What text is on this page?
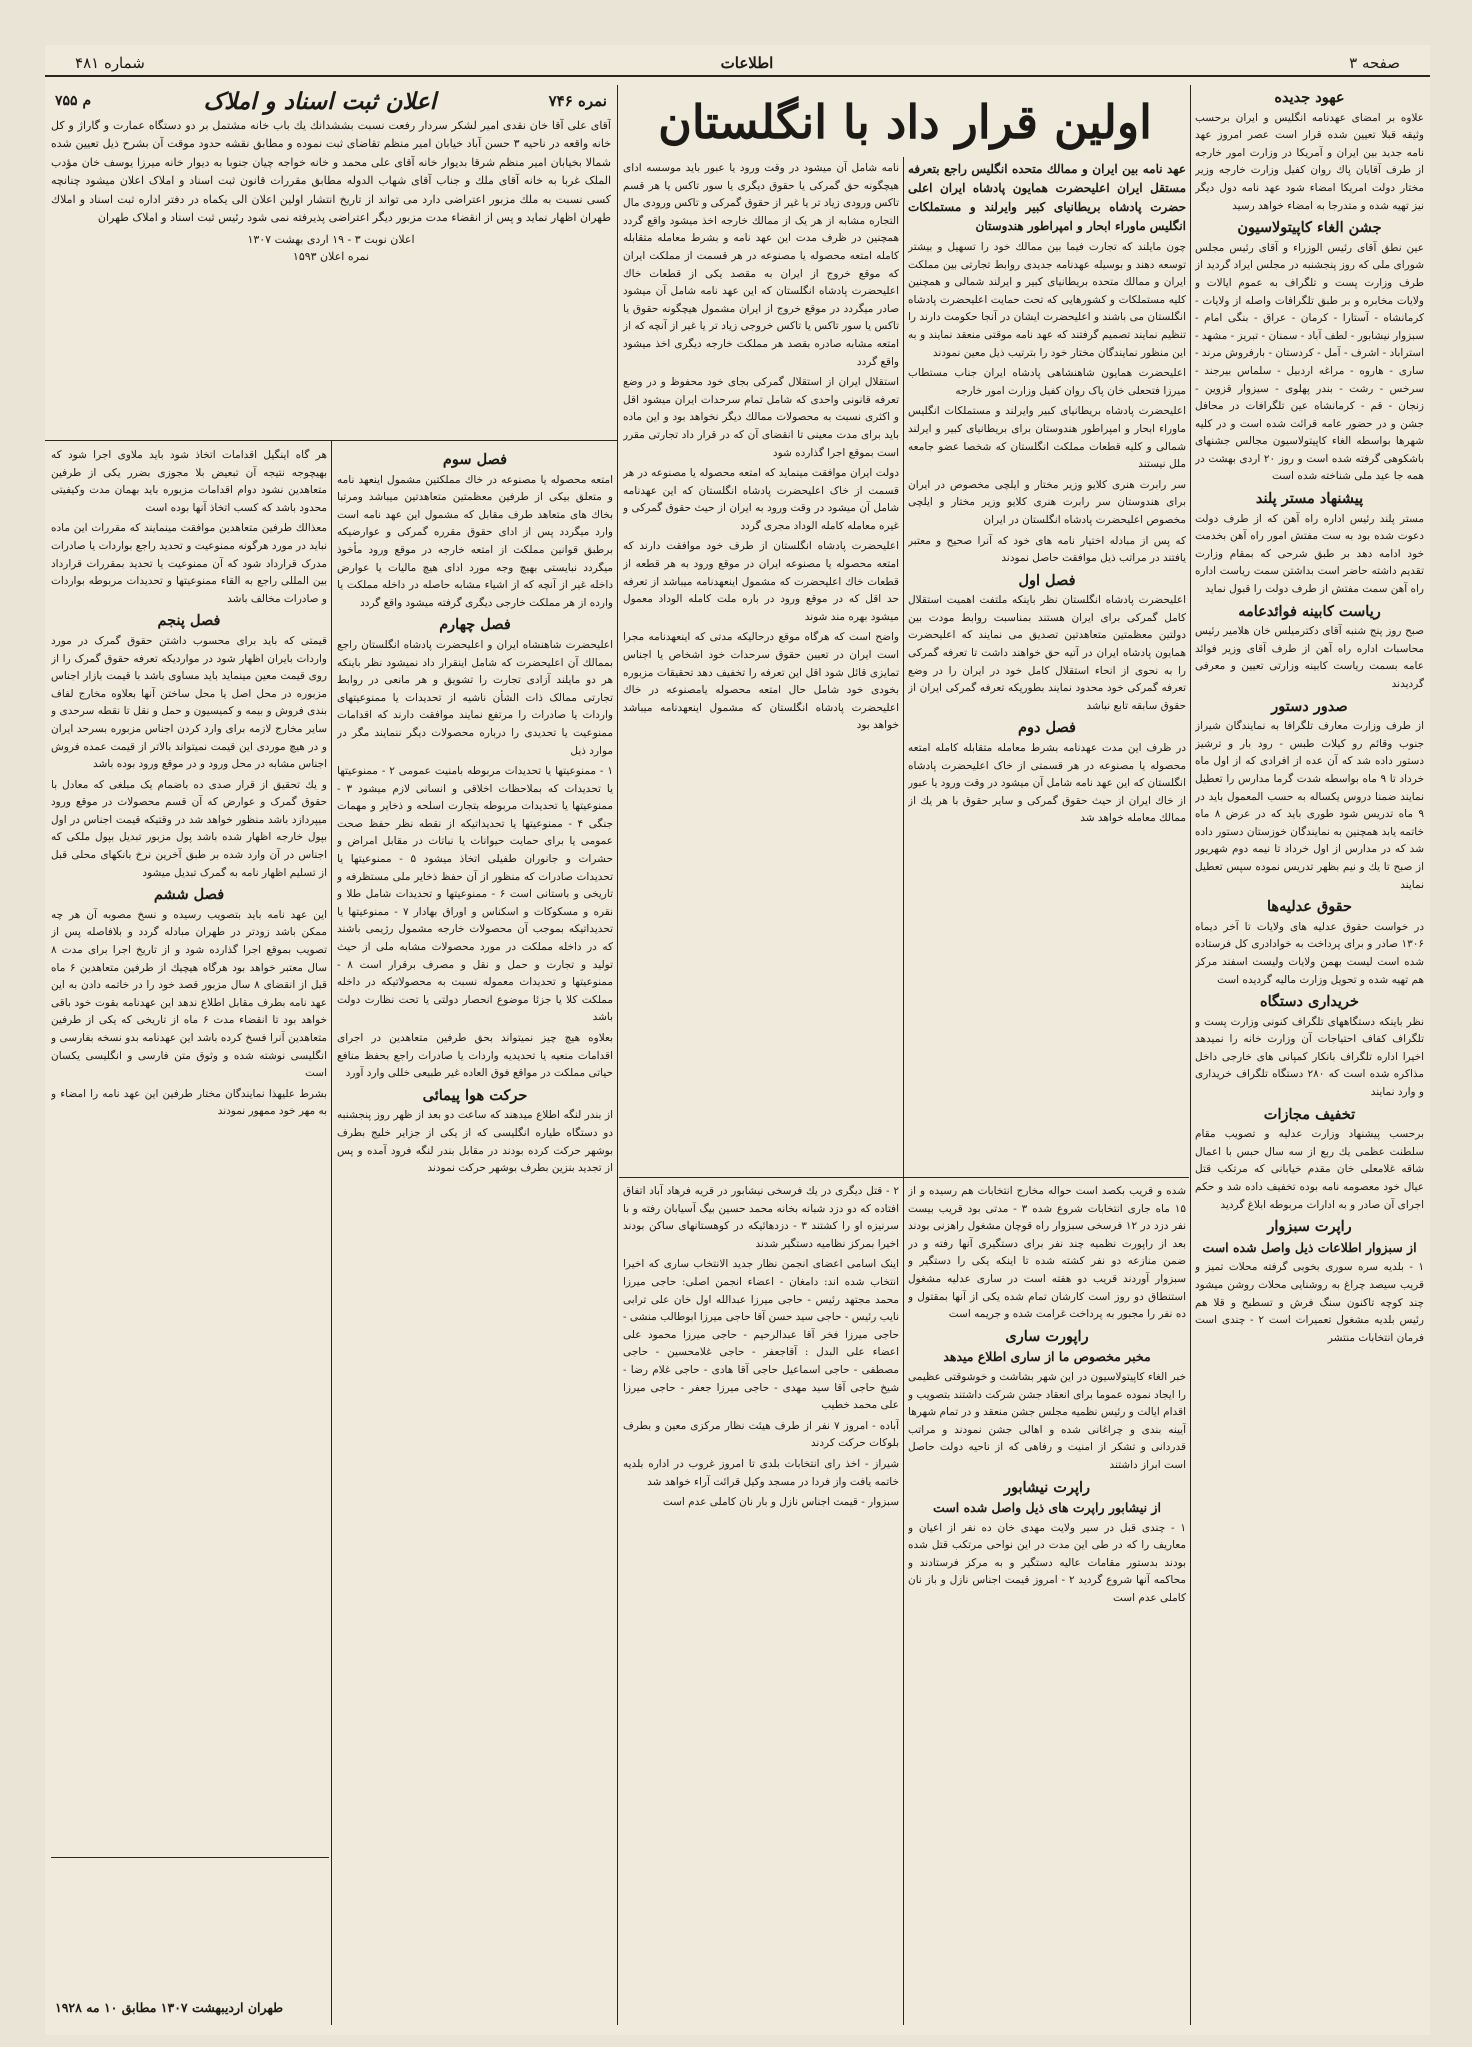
صفحه ۳
اطلاعات
شماره ۴۸۱
عهود جدیده

علاوه بر امضای عهدنامه انگلیس و ایران برحسب وثیقه قبلا تعیین شده قرار است عصر امروز عهد نامه جدید بین ایران و آمریکا در وزارت امور خارجه از طرف آقایان پاك روان کفیل وزارت خارجه وزیر مختار دولت امریکا امضاء شود عهد نامه دول دیگر نیز تهیه شده و متدرجا به امضاء خواهد رسید

جشن الغاء کاپیتولاسیون

عین نطق آقای رئیس الوزراء و آقای رئیس مجلس شورای ملی که روز پنجشنبه در مجلس ایراد گردید از طرف وزارت پست و تلگراف به عموم ایالات و ولایات مخابره و بر طبق تلگرافات واصله از ولایات - کرمانشاه - آستارا - کرمان - عراق - بنگی امام - سبزوار نیشابور - لطف آباد - سمنان - تبریز - مشهد - استراباد - اشرف - آمل - کردستان - بارفروش مرند - ساری - هاروه - مراغه اردبیل - سلماس بیرجند - سرخس - رشت - بندر پهلوی - سیزوار قزوین - زنجان - قم - کرمانشاه عین تلگرافات در محافل جشن و در حضور عامه قرائت شده است و در کلیه شهرها بواسطه الغاء کاپیتولاسیون مجالس جشنهای باشکوهی گرفته شده است و روز ۲۰ اردی بهشت در همه جا عید ملی شناخته شده است

پیشنهاد مستر پلند

مستر پلند رئیس اداره راه آهن که از طرف دولت دعوت شده بود به ست مفتش امور راه آهن بخدمت خود ادامه دهد بر طبق شرحی که بمقام وزارت تقدیم داشته حاضر است بداشتن سمت ریاست اداره راه آهن سمت مفتش از طرف دولت را قبول نماید

ریاست کابینه فوائدعامه

صبح روز پنج شنبه آقای دکترمیلس خان هلامیر رئیس محاسبات اداره راه آهن از طرف آقای وزیر فوائد عامه بسمت ریاست کابینه وزارتی تعیین و معرفی گردیدند

صدور دستور

از طرف وزارت معارف تلگرافا به نمایندگان شیراز جنوب وقائم رو کیلات طبس - رود بار و ترشیز دستور داده شد که آن عده از افرادی که از اول ماه خرداد تا ۹ ماه بواسطه شدت گرما مدارس را تعطیل نمایند ضمنا دروس یکساله به حسب المعمول باید در ۹ ماه تدریس شود طوری باید که در عرض ۸ ماه خاتمه یابد همچنین به نمایندگان خوزستان دستور داده شد که در مدارس از اول خرداد تا نیمه دوم شهریور از صبح تا یك و نیم بظهر تدریس نموده سپس تعطیل نمایند

حقوق عدلیه‌ها

در خواست حقوق عدلیه های ولایات تا آخر دیماه ۱۳۰۶ صادر و برای پرداخت به خوادادری کل فرستاده شده است لیست بهمن ولایات ولیست اسفند مرکز هم تهیه شده و تحویل وزارت مالیه گردیده است

خریداری دستگاه

نظر باینکه دستگاههای تلگراف کنونی وزارت پست و تلگراف کفاف احتیاجات آن وزارت خانه را نمیدهد اخیرا اداره تلگراف بانکار کمپانی های خارجی داخل مذاکره شده است که ۲۸۰ دستگاه تلگراف خریداری و وارد نمایند

تخفیف مجازات

برحسب پیشنهاد وزارت عدلیه و تصویب مقام سلطنت عظمی یك ربع از سه سال حبس با اعمال شاقه غلامعلی خان مقدم خیابانی که مرتکب قتل عیال خود معصومه نامه بوده تخفیف داده شد و حکم اجرای آن صادر و به ادارات مربوطه ابلاغ گردید

راپرت سبزوار
از سبزوار اطلاعات ذیل واصل شده است

۱ - بلدیه سره سوری بخوبی گرفته محلات تمیز و قریب سیصد چراغ به روشنایی محلات روشن میشود چند کوچه تاکنون سنگ فرش و تسطیح و قلا هم رئیس بلدیه مشغول تعمیرات است ۲ - چندی است فرمان انتخابات منتشر

اولین قرار داد با انگلستان

عهد نامه بین ایران و ممالك متحده انگلیس راجع بتعرفه مستقل ایران اعلیحضرت همایون پادشاه ایران اعلی حضرت پادشاه بریطانیای کبیر وایرلند و مستملکات انگلیس ماوراء ابحار و امپراطور هندوستان

چون مایلند که تجارت فیما بین ممالك خود را تسهیل و بیشتر توسعه دهند و بوسیله عهدنامه جدیدی روابط تجارتی بین مملکت ایران و ممالك متحده بریطانیای کبیر و ایرلند شمالی و همچنین کلیه مستملکات و کشورهایی که تحت حمایت اعلیحضرت پادشاه انگلستان می باشند و اعلیحضرت ایشان در آنجا حکومت دارند را تنظیم نمایند تصمیم گرفتند که عهد نامه موقتی منعقد نمایند و به این منظور نمایندگان مختار خود را بترتیب ذیل معین نمودند

اعلیحضرت همایون شاهنشاهی پادشاه ایران جناب مستطاب میرزا فتحعلی خان پاک روان کفیل وزارت امور خارجه

اعلیحضرت پادشاه بریطانیای کبیر وایرلند و مستملکات انگلیس ماوراء ابحار و امپراطور هندوستان برای بریطانیای کبیر و ایرلند شمالی و کلیه قطعات مملکت انگلستان که شخصا عضو جامعه ملل نیستند

سر رابرت هنری کلایو وزیر مختار و ایلچی مخصوص در ایران برای هندوستان سر رابرت هنری کلایو وزیر مختار و ایلچی مخصوص اعلیحضرت پادشاه انگلستان در ایران

که پس از مبادله اختیار نامه های خود که آنرا صحیح و معتبر یافتند در مراتب ذیل موافقت حاصل نمودند

فصل اول

اعلیحضرت پادشاه انگلستان نظر باینکه ملتفت اهمیت استقلال کامل گمرکی برای ایران هستند بمناسبت روابط مودت بین دولتین معظمتین متعاهدتین تصدیق می نمایند که اعلیحضرت همایون پادشاه ایران در آتیه حق خواهند داشت تا تعرفه گمرکی را به نحوی از انحاء استقلال کامل خود در ایران را در وضع تعرفه گمرکی خود محدود نمایند بطوریکه تعرفه گمرکی ایران از حقوق سابقه تابع نباشد

فصل دوم

در ظرف این مدت عهدنامه بشرط معامله متقابله کامله امتعه محصوله یا مصنوعه در هر قسمتی از خاک اعلیحضرت پادشاه انگلستان که این عهد نامه شامل آن میشود در وقت ورود یا عبور از خاك ایران از حیث حقوق گمرکی و سایر حقوق با هر یك از ممالك معامله خواهد شد

نامه شامل آن میشود در وقت ورود یا عبور باید موسسه ادای هیچگونه حق گمرکی یا حقوق دیگری یا سور تاکس یا هر قسم تاکس ورودی زیاد تر یا غیر از حقوق گمرکی و تاکس ورودی مال التجاره مشابه از هر یک از ممالك خارجه اخذ میشود واقع گردد همچنین در ظرف مدت این عهد نامه و بشرط معامله متقابله کامله امتعه محصوله یا مصنوعه در هر قسمت از مملکت ایران که موقع خروج از ایران به مقصد یکی از قطعات خاك اعلیحضرت پادشاه انگلستان که این عهد نامه شامل آن میشود صادر میگردد در موقع خروج از ایران مشمول هیچگونه حقوق یا تاکس یا سور تاکس یا تاکس خروجی زیاد تر یا غیر از آنچه که از امتعه مشابه صادره بقصد هر مملکت خارجه دیگری اخذ میشود واقع گردد

استقلال ایران از استقلال گمرکی بجای خود محفوظ و در وضع تعرفه قانونی واحدی که شامل تمام سرحدات ایران میشود اقل و اکثری نسبت به محصولات ممالك دیگر نخواهد بود و این ماده باید برای مدت معینی تا انقضای آن که در قرار داد تجارتی مقرر است بموقع اجرا گذارده شود

دولت ایران موافقت مینماید که امتعه محصوله یا مصنوعه در هر قسمت از خاک اعلیحضرت پادشاه انگلستان که این عهدنامه شامل آن میشود در وقت ورود به ایران از حیث حقوق گمرکی و غیره معامله کامله الوداد مجری گردد

اعلیحضرت پادشاه انگلستان از طرف خود موافقت دارند که امتعه محصوله یا مصنوعه ایران در موقع ورود به هر قطعه از قطعات خاك اعلیحضرت که مشمول اینعهدنامه میباشد از تعرفه حد اقل که در موقع ورود در باره ملت کامله الوداد معمول میشود بهره مند شوند

واضح است که هرگاه موقع درحالیکه مدتی که اینعهدنامه مجرا است ایران در تعیین حقوق سرحدات خود اشخاص یا اجناس تمایزی قائل شود اقل این تعرفه را تخفیف دهد تحقیقات مزبوره بخودی خود شامل حال امتعه محصوله یامصنوعه در خاك اعلیحضرت پادشاه انگلستان که مشمول اینعهدنامه میباشد خواهد بود

شده و قریب بکصد است حواله مخارج انتخابات هم رسیده و از ۱۵ ماه جاری انتخابات شروع شده ۳ - مدتی بود قریب بیست نفر دزد در ۱۲ فرسخی سبزوار راه قوچان مشغول راهزنی بودند بعد از راپورت نظمیه چند نفر برای دستگیری آنها رفته و در ضمن منازعه دو نفر کشته شده تا اینکه یکی را دستگیر و سبزوار آوردند قریب دو هفته است در ساری عدلیه مشغول استنطاق دو روز است کارشان تمام شده یکی از آنها بمقتول و ده نفر را مجبور به پرداخت غرامت شده و جریمه است

راپورت ساری
مخبر مخصوص ما از ساری اطلاع میدهد

خبر الغاء کاپیتولاسیون در این شهر بشاشت و خوشوقتی عظیمی را ایجاد نموده عموما برای انعقاد جشن شرکت داشتند بتصویب و اقدام ایالت و رئیس نظمیه مجلس جشن منعقد و در تمام شهرها آیینه بندی و چراغانی شده و اهالی جشن نمودند و مراتب قدردانی و تشکر از امنیت و رفاهی که از ناحیه دولت حاصل است ابراز داشتند

راپرت نیشابور
از نیشابور راپرت های ذیل واصل شده است

۱ - چندی قبل در سیر ولایت مهدی خان ده نفر از اعیان و معاریف را که در طی این مدت در این نواحی مرتکب قتل شده بودند بدستور مقامات عالیه دستگیر و به مرکز فرستادند و محاکمه آنها شروع گردید ۲ - امروز قیمت اجناس نازل و باز نان کاملی عدم است

۲ - قتل دیگری در یك فرسخی نیشابور در قریه فرهاد آباد اتفاق افتاده که دو دزد شبانه بخانه محمد حسین بیگ آسیابان رفته و با سرنیزه او را کشتند ۳ - دزدهائیکه در کوهستانهای ساکن بودند اخیرا بمرکز نظامیه دستگیر شدند

اینک اسامی اعضای انجمن نظار جدید الانتخاب ساری که اخیرا انتخاب شده اند: دامغان - اعضاء انجمن اصلی: حاجی میرزا محمد مجتهد رئیس - حاجی میرزا عبدالله اول خان علی ترابی نایب رئیس - حاجی سید حسن آقا حاجی میرزا ابوطالب منشی - حاجی میرزا فخر آقا عبدالرحیم - حاجی میرزا محمود علی اعضاء علی البدل : آقاجعفر - حاجی غلامحسین - حاجی مصطفی - حاجی اسماعیل حاجی آقا هادی - حاجی غلام رضا - شیخ حاجی آقا سید مهدی - حاجی میرزا جعفر - حاجی میرزا علی محمد خطیب

آباده - امروز ۷ نفر از طرف هیئت نظار مرکزی معین و بطرف بلوکات حرکت کردند

شیراز - اخذ رای انتخابات بلدی تا امروز غروب در اداره بلدیه خاتمه یافت واز فردا در مسجد وکیل قرائت آراء خواهد شد

سبزوار - قیمت اجناس نازل و بار نان کاملی عدم است

نمره ۷۴۶
اعلان ثبت اسناد و املاک
م ۷۵۵

آقای علی آقا خان نقدی امیر لشکر سردار رفعت نسبت بششدانك یك باب خانه مشتمل بر دو دستگاه عمارت و گاراژ و کل خانه واقعه در ناحیه ۳ حسن آباد خیابان امیر منظم تقاضای ثبت نموده و مطابق نقشه حدود موقت آن بشرح ذیل تعیین شده شمالا بخیابان امیر منظم شرقا بدیوار خانه آقای علی محمد و خانه خواجه چیان جنوبا به دیوار خانه میرزا یوسف خان مؤدب الملک غربا به خانه آقای ملك و جناب آقای شهاب الدوله مطابق مقررات قانون ثبت اسناد و املاک اعلان میشود چنانچه کسی نسبت به ملك مزبور اعتراضی دارد می تواند از تاریخ انتشار اولین اعلان الی یکماه در دفتر اداره ثبت اسناد و املاك طهران اظهار نماید و پس از انقضاء مدت مزبور دیگر اعتراضی پذیرفته نمی شود رئیس ثبت اسناد و املاک طهران

اعلان نوبت ۳ - ۱۹ اردی بهشت ۱۳۰۷
نمره اعلان ۱۵۹۳
فصل سوم

امتعه محصوله یا مصنوعه در خاك مملکتین مشمول اینعهد نامه و متعلق بیکی از طرفین معظمتین متعاهدتین میباشد ومرتبا بخاك های متعاهد طرف مقابل که مشمول این عهد نامه است وارد میگردد پس از ادای حقوق مقرره گمرکی و عوارضیکه برطبق قوانین مملکت از امتعه خارجه در موقع ورود مأخوذ میگردد نبایستی بهیچ وجه مورد ادای هیچ مالیات یا عوارض داخله غیر از آنچه که از اشیاء مشابه حاصله در داخله مملکت یا وارده از هر مملکت خارجی دیگری گرفته میشود واقع گردد

فصل چهارم

اعلیحضرت شاهنشاه ایران و اعلیحضرت پادشاه انگلستان راجع بممالك آن اعلیحضرت که شامل اینقرار داد نمیشود نظر باینکه هر دو مایلند آزادی تجارت را تشویق و هر مانعی در روابط تجارتی ممالک ذات الشأن ناشیه از تحدیدات یا ممنوعیتهای واردات یا صادرات را مرتفع نمایند موافقت دارند که اقدامات ممنوعیت یا تحدیدی را درباره محصولات دیگر ننمایند مگر در موارد ذیل

۱ - ممنوعیتها یا تحدیدات مربوطه بامنیت عمومی ۲ - ممنوعیتها یا تحدیدات که بملاحظات اخلاقی و انسانی لازم میشود ۳ - ممنوعیتها یا تحدیدات مربوطه بتجارت اسلحه و ذخایر و مهمات جنگی ۴ - ممنوعیتها یا تحدیداتیکه از نقطه نظر حفظ صحت عمومی یا برای حمایت حیوانات یا نباتات در مقابل امراض و حشرات و جانوران طفیلی اتخاذ میشود ۵ - ممنوعیتها یا تحدیدات صادرات که منظور از آن حفظ ذخایر ملی مستظرفه و تاریخی و باستانی است ۶ - ممنوعیتها و تحدیدات شامل طلا و نقره و مسکوکات و اسکناس و اوراق بهادار ۷ - ممنوعیتها یا تحدیداتیکه بموجب آن محصولات خارجه مشمول رژیمی باشند که در داخله مملکت در مورد محصولات مشابه ملی از حیث تولید و تجارت و حمل و نقل و مصرف برقرار است ۸ - ممنوعیتها و تحدیدات معموله نسبت به محصولاتیکه در داخله مملکت کلا یا جزئا موضوع انحصار دولتی یا تحت نظارت دولت باشد

بعلاوه هیچ چیز نمیتواند بحق طرفین متعاهدین در اجرای اقدامات منعیه یا تحدیدیه واردات یا صادرات راجع بحفظ منافع حیاتی مملکت در مواقع فوق العاده غیر طبیعی خللی وارد آورد

حرکت هوا پیمائی

از بندر لنگه اطلاع میدهند که ساعت دو بعد از ظهر روز پنجشنبه دو دستگاه طیاره انگلیسی که از یکی از جزایر خلیج بطرف بوشهر حرکت کرده بودند در مقابل بندر لنگه فرود آمده و پس از تجدید بنزین بطرف بوشهر حرکت نمودند

هر گاه اینگیل اقدامات اتخاذ شود باید ملاوی اجرا شود که بهیچوجه نتیجه آن تبعیض بلا مجوزی بضرر یکی از طرفین متعاهدین نشود دوام اقدامات مزبوره باید بهمان مدت وکیفیتی محدود باشد که کسب اتخاذ آنها بوده است

معذالك طرفین متعاهدین موافقت مینمایند که مقررات این ماده نباید در مورد هرگونه ممنوعیت و تحدید راجع بواردات یا صادرات مدرک قرارداد شود که آن ممنوعیت یا تحدید بمقررات قرارداد بین المللی راجع به القاء ممنوعیتها و تحدیدات مربوطه بواردات و صادرات مخالف باشد

فصل پنجم

قیمتی که باید برای محسوب داشتن حقوق گمرک در مورد واردات بایران اظهار شود در مواردیکه تعرفه حقوق گمرک را از روی قیمت معین مینماید باید مساوی باشد با قیمت بازار اجناس مزبوره در محل اصل یا محل ساختن آنها بعلاوه مخارج لفاف بندی فروش و بیمه و کمیسیون و حمل و نقل تا نقطه سرحدی و سایر مخارج لازمه برای وارد کردن اجناس مزبوره بسرحد ایران و در هیچ موردی این قیمت نمیتواند بالاتر از قیمت عمده فروش اجناس مشابه در محل ورود و در موقع ورود بوده باشد

و یك تحقیق از قرار صدی ده باضمام یک مبلغی که معادل با حقوق گمرک و عوارض که آن قسم محصولات در موقع ورود میپردازد باشد منظور خواهد شد در وقتیکه قیمت اجناس در اول بپول خارجه اظهار شده باشد پول مزبور تبدیل بپول ملکی که اجناس در آن وارد شده بر طبق آخرین نرخ بانکهای محلی قبل از تسلیم اظهار نامه به گمرک تبدیل میشود

فصل ششم

این عهد نامه باید بتصویب رسیده و نسخ مصوبه آن هر چه ممکن باشد زودتر در طهران مبادله گردد و بلافاصله پس از تصویب بموقع اجرا گذارده شود و از تاریخ اجرا برای مدت ۸ سال معتبر خواهد بود هرگاه هیچیك از طرفین متعاهدین ۶ ماه قبل از انقضای ۸ سال مزبور قصد خود را در خاتمه دادن به این عهد نامه بطرف مقابل اطلاع ندهد این عهدنامه بقوت خود باقی خواهد بود تا انقضاء مدت ۶ ماه از تاریخی که یکی از طرفین متعاهدین آنرا فسخ کرده باشد این عهدنامه بدو نسخه بفارسی و انگلیسی نوشته شده و وثوق متن فارسی و انگلیسی یکسان است

بشرط علیهذا نمایندگان مختار طرفین این عهد نامه را امضاء و به مهر خود ممهور نمودند

طهران اردیبهشت ۱۳۰۷ مطابق ۱۰ مه ۱۹۲۸
